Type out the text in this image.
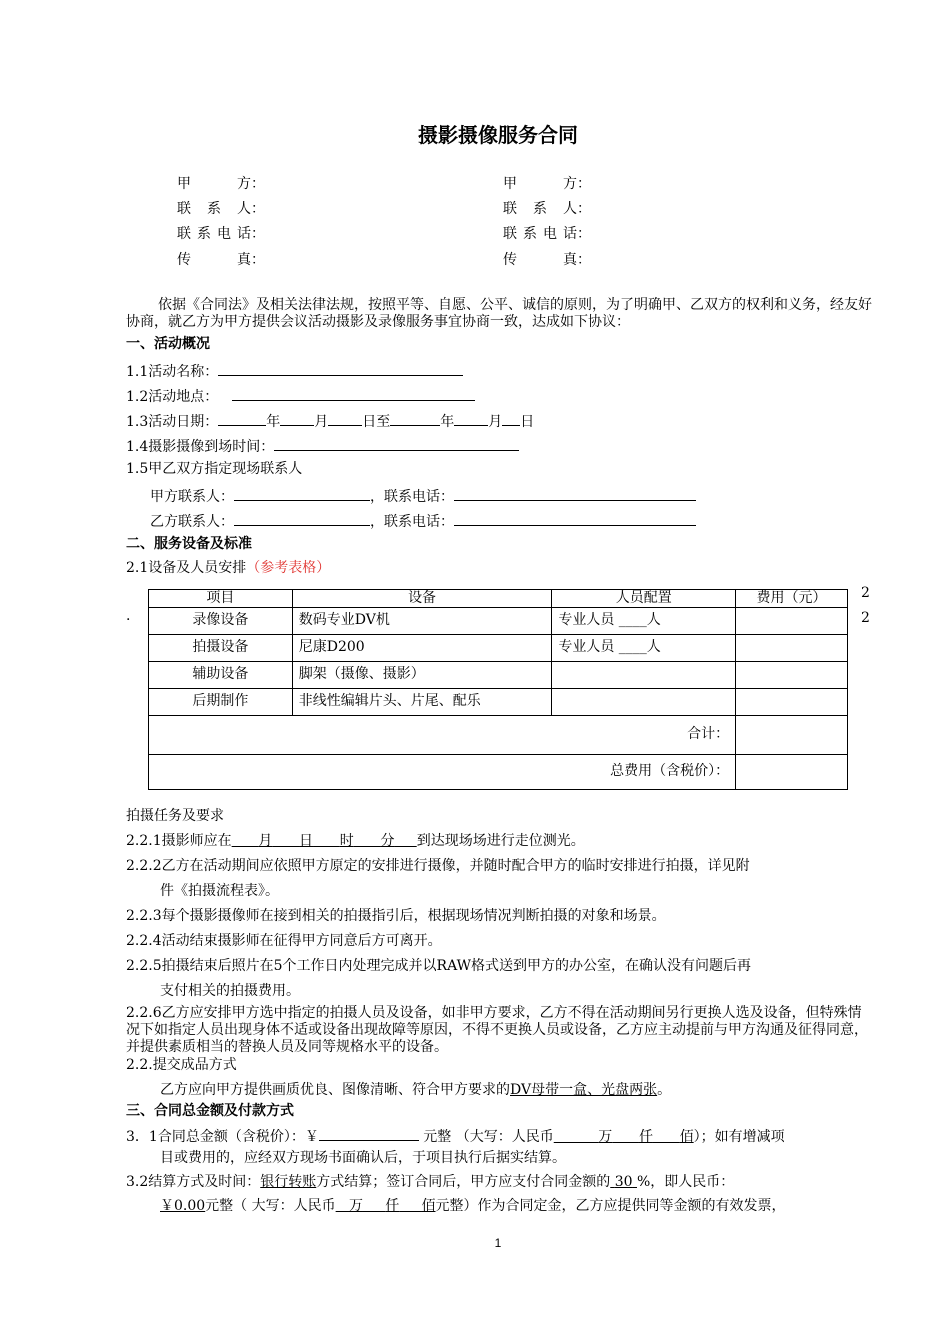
摄影摄像服务合同
甲　　方：
联 系 人：
联系电话：
传　　真：
甲　　方：
联 系 人：
联系电话：
传　　真：
依据《合同法》及相关法律法规，按照平等、自愿、公平、诚信的原则，为了明确甲、乙双方的权利和义务，经友好协商，就乙方为甲方提供会议活动摄影及录像服务事宜协商一致，达成如下协议：
一、活动概况
1.1活动名称：
1.2活动地点：
1.3活动日期：	年 月 日至	年 月 日
1.4摄影摄像到场时间：
1.5甲乙双方指定现场联系人
甲方联系人：	，联系电话：
乙方联系人：	，联系电话：
二、服务设备及标准
2.1设备及人员安排（参考表格）
2
2
·
项目	设备	人员配置	费用（元）
录像设备	数码专业DV机	专业人员 ____人	
拍摄设备	尼康D200	专业人员 ____人	
辅助设备	脚架（摄像、摄影）		
后期制作	非线性编辑片头、片尾、配乐		
合计：			
总费用（含税价）：			
拍摄任务及要求
2.2.1摄影师应在 月 日 时 分 到达现场场进行走位测光。
2.2.2乙方在活动期间应依照甲方原定的安排进行摄像，并随时配合甲方的临时安排进行拍摄，详见附
件《拍摄流程表》。
2.2.3每个摄影摄像师在接到相关的拍摄指引后，根据现场情况判断拍摄的对象和场景。
2.2.4活动结束摄影师在征得甲方同意后方可离开。
2.2.5拍摄结束后照片在5个工作日内处理完成并以RAW格式送到甲方的办公室，在确认没有问题后再
支付相关的拍摄费用。
2.2.6乙方应安排甲方选中指定的拍摄人员及设备，如非甲方要求，乙方不得在活动期间另行更换人选及设备，但特殊情况下如指定人员出现身体不适或设备出现故障等原因，不得不更换人员或设备，乙方应主动提前与甲方沟通及征得同意，并提供素质相当的替换人员及同等规格水平的设备。
2.2.提交成品方式
乙方应向甲方提供画质优良、图像清晰、符合甲方要求的DV母带一盒、光盘两张。
三、合同总金额及付款方式
3．1合同总金额（含税价）：￥	元整 （大写：人民币	万 仟 佰）；如有增减项
目或费用的，应经双方现场书面确认后，于项目执行后据实结算。
3.2结算方式及时间：银行转账方式结算；签订合同后，甲方应支付合同金额的 30 %，即人民币：
￥0.00元整（ 大写：人民币 万 仟 佰元整）作为合同定金，乙方应提供同等金额的有效发票，
1
